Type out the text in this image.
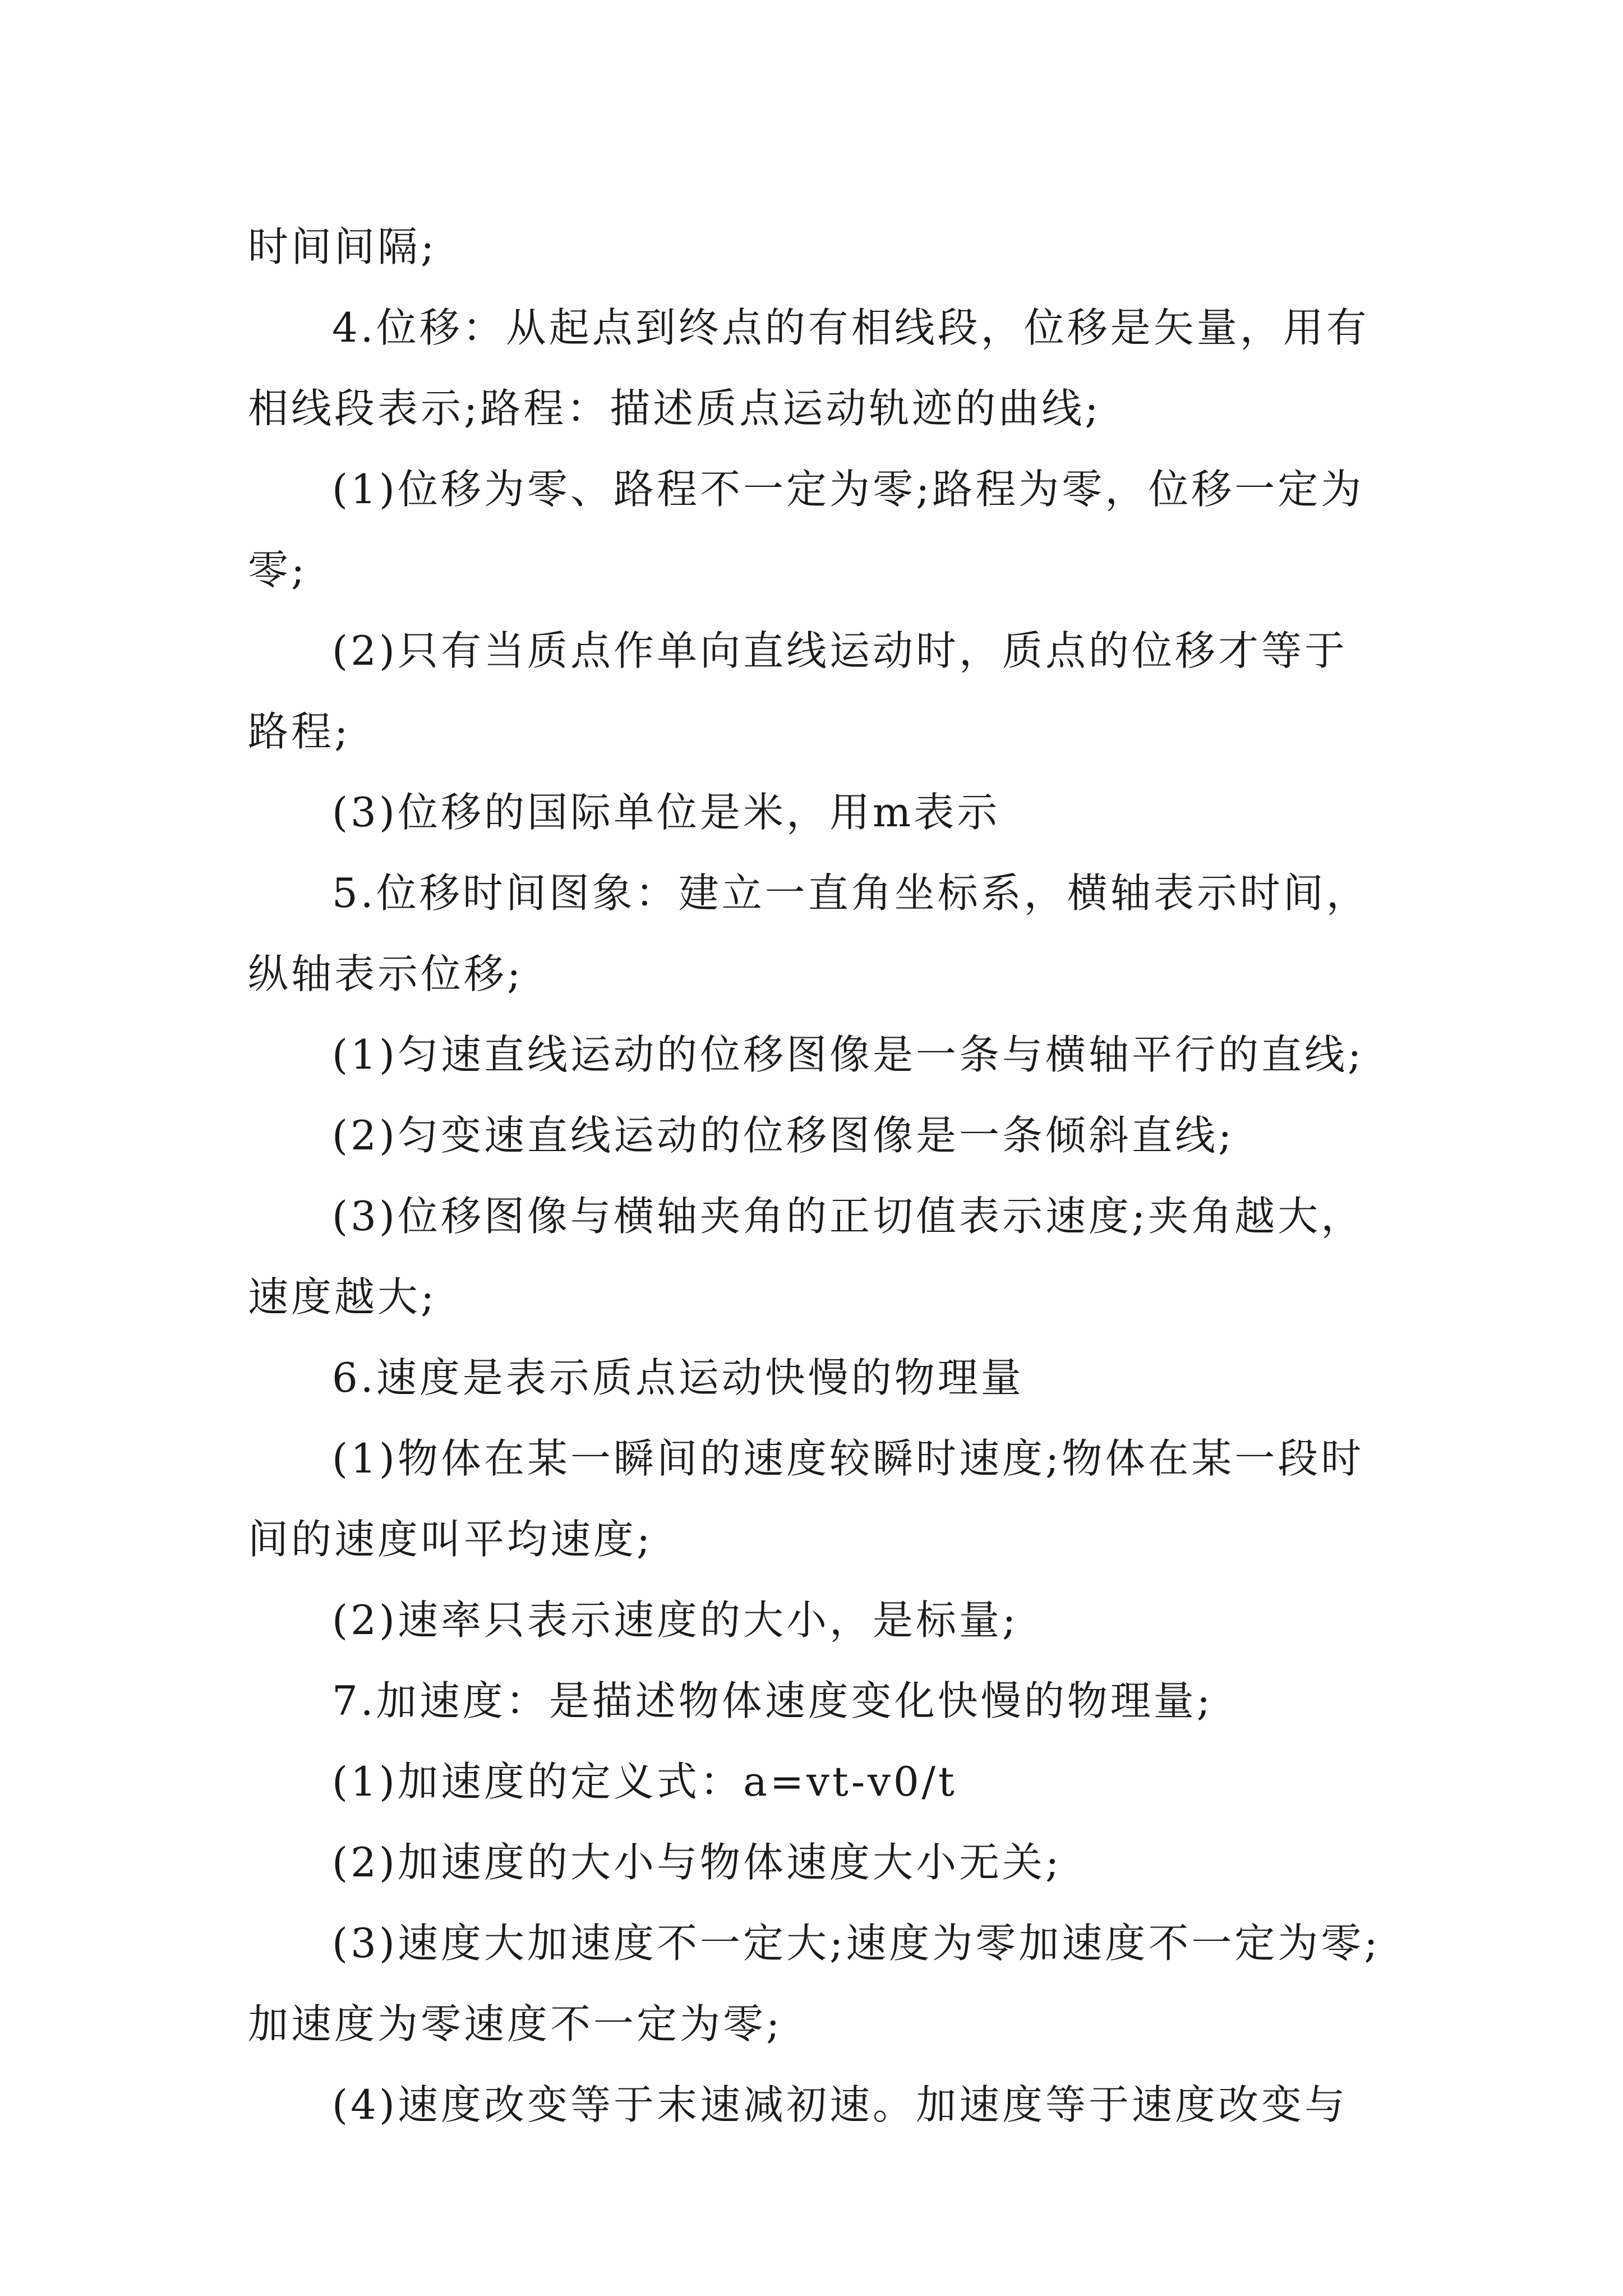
时间间隔;

4.位移：从起点到终点的有相线段，位移是矢量，用有相线段表示;路程：描述质点运动轨迹的曲线;

(1)位移为零、路程不一定为零;路程为零，位移一定为零;

(2)只有当质点作单向直线运动时，质点的位移才等于路程;

(3)位移的国际单位是米，用m表示

5.位移时间图象：建立一直角坐标系，横轴表示时间，纵轴表示位移;

(1)匀速直线运动的位移图像是一条与横轴平行的直线;

(2)匀变速直线运动的位移图像是一条倾斜直线;

(3)位移图像与横轴夹角的正切值表示速度;夹角越大，速度越大;

6.速度是表示质点运动快慢的物理量

(1)物体在某一瞬间的速度较瞬时速度;物体在某一段时间的速度叫平均速度;

(2)速率只表示速度的大小，是标量;

7.加速度：是描述物体速度变化快慢的物理量;

(1)加速度的定义式：a=vt-v0/t

(2)加速度的大小与物体速度大小无关;

(3)速度大加速度不一定大;速度为零加速度不一定为零;加速度为零速度不一定为零;

(4)速度改变等于末速减初速。加速度等于速度改变与
